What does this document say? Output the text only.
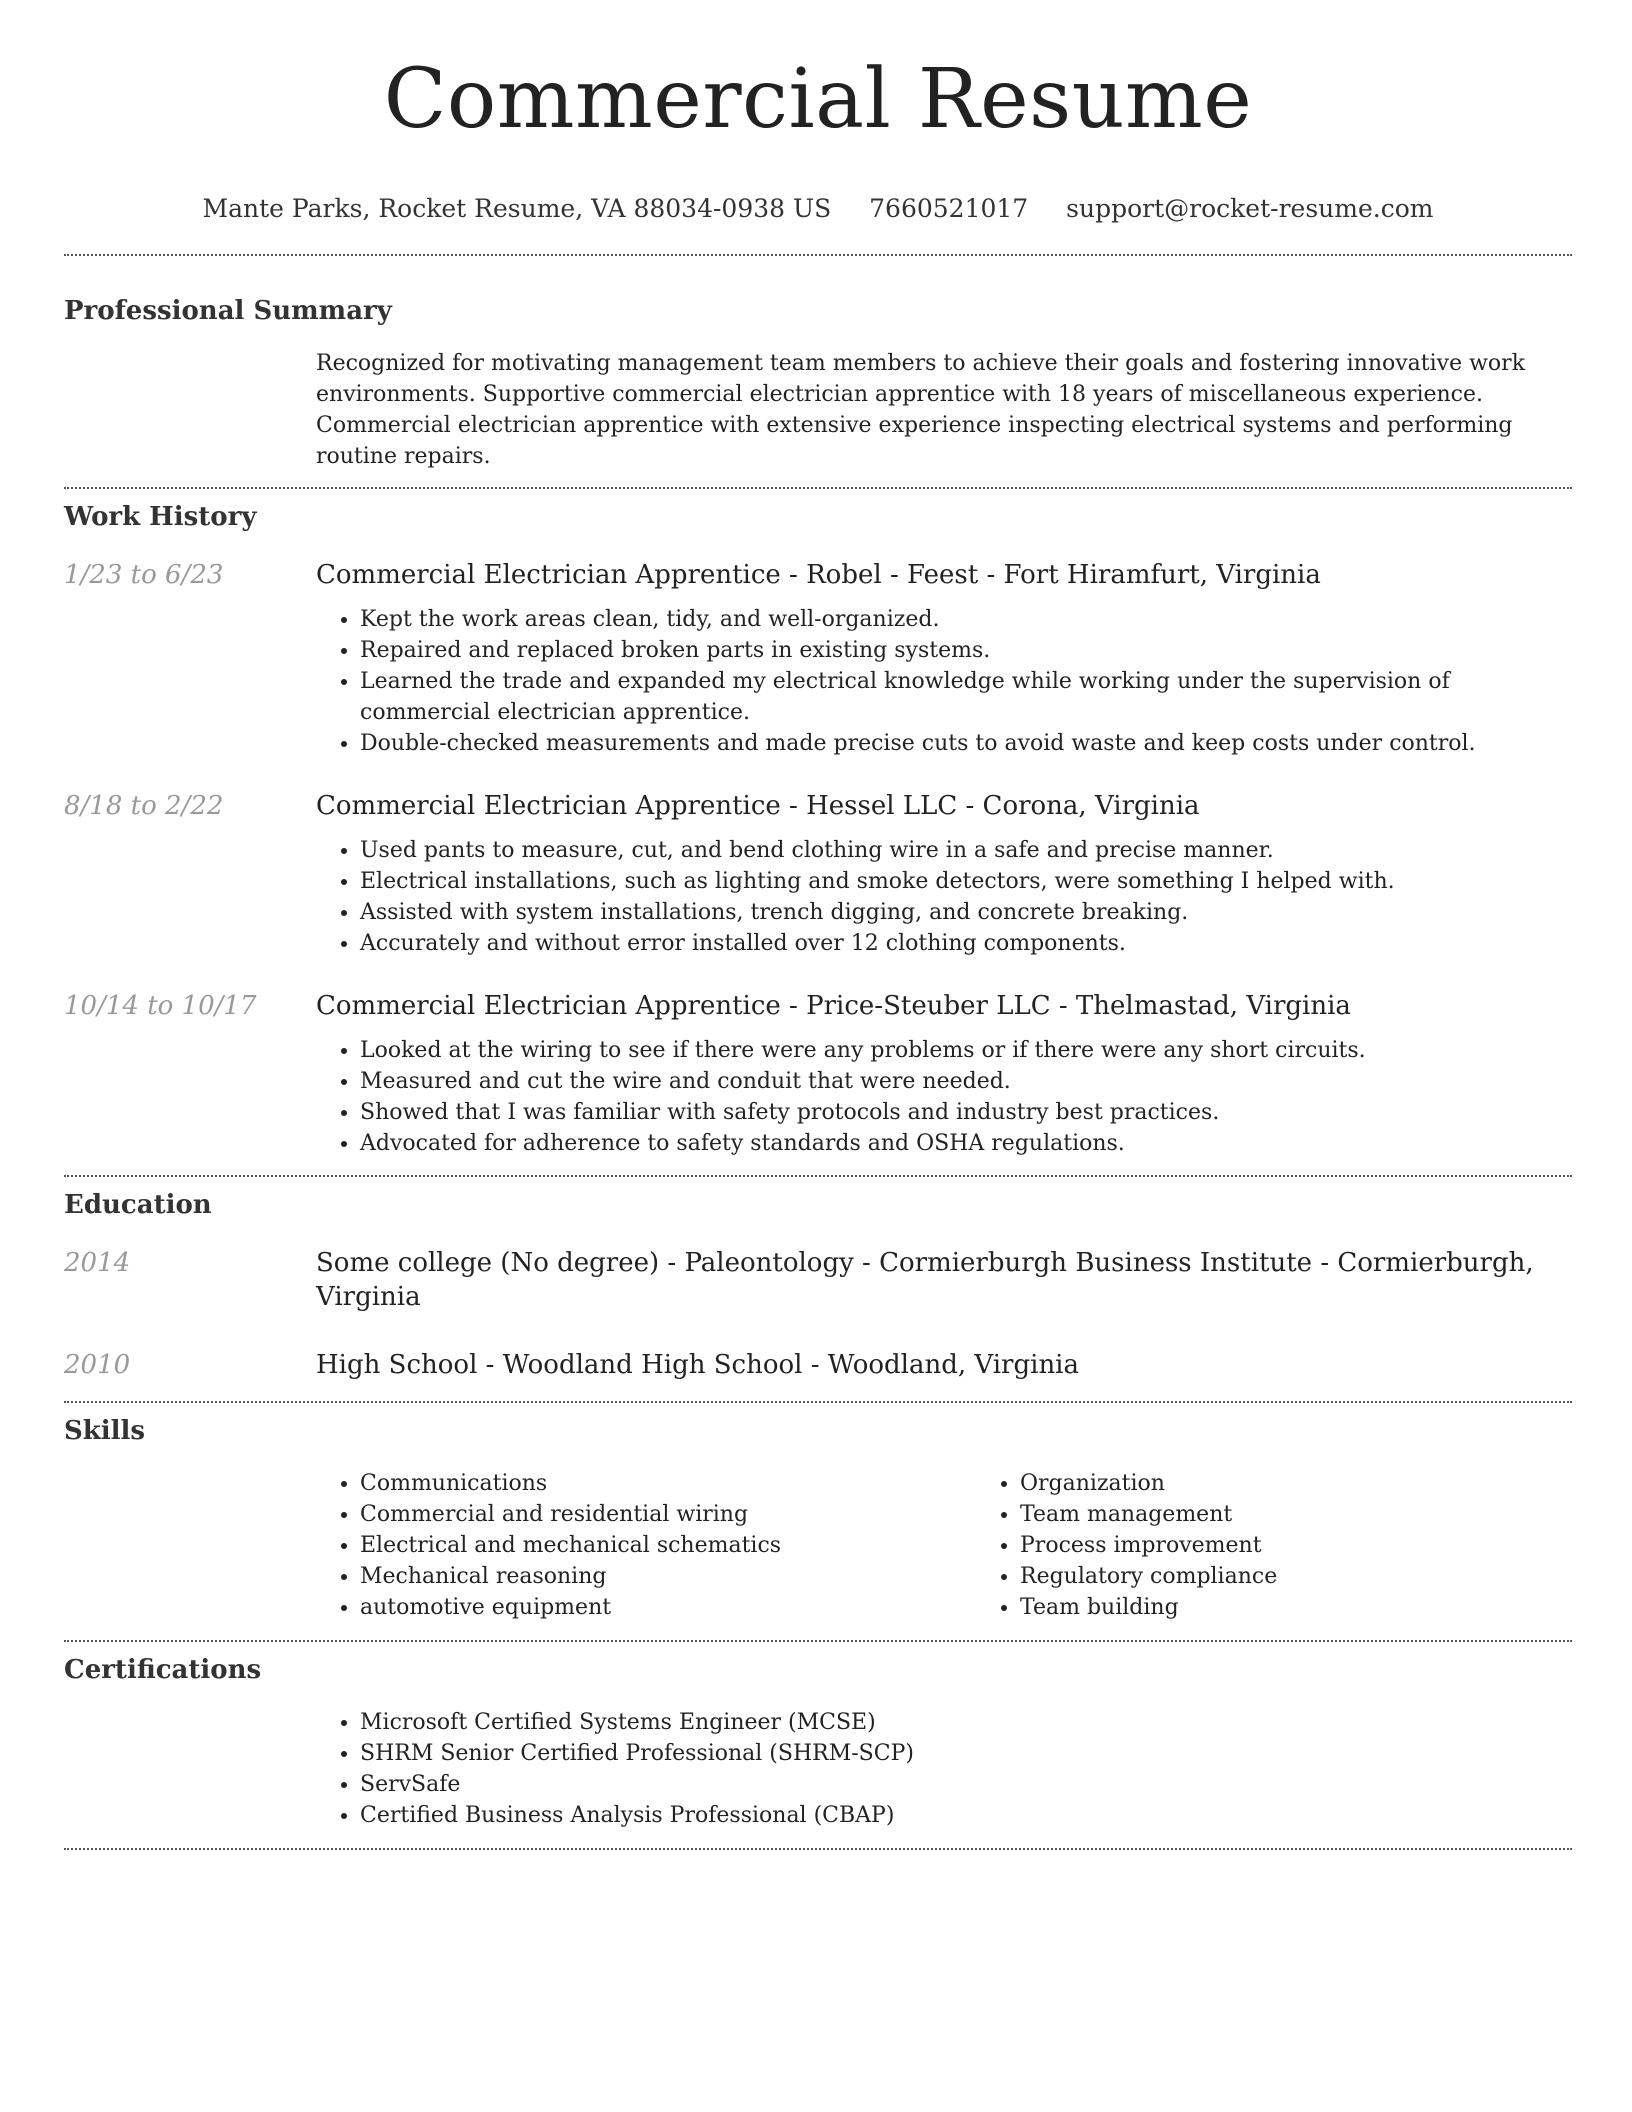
Commercial Resume
Mante Parks, Rocket Resume, VA 88034-0938 US 7660521017 support@rocket-resume.com
Professional Summary

Recognized for motivating management team members to achieve their goals and fostering innovative work environments. Supportive commercial electrician apprentice with 18 years of miscellaneous experience. Commercial electrician apprentice with extensive experience inspecting electrical systems and performing routine repairs.

Work History
1/23 to 6/23	Commercial Electrician Apprentice - Robel - Feest - Fort Hiramfurt, Virginia
• Kept the work areas clean, tidy, and well-organized.
• Repaired and replaced broken parts in existing systems.
• Learned the trade and expanded my electrical knowledge while working under the supervision of commercial electrician apprentice.
• Double-checked measurements and made precise cuts to avoid waste and keep costs under control.
8/18 to 2/22	Commercial Electrician Apprentice - Hessel LLC - Corona, Virginia
• Used pants to measure, cut, and bend clothing wire in a safe and precise manner.
• Electrical installations, such as lighting and smoke detectors, were something I helped with.
• Assisted with system installations, trench digging, and concrete breaking.
• Accurately and without error installed over 12 clothing components.
10/14 to 10/17	Commercial Electrician Apprentice - Price-Steuber LLC - Thelmastad, Virginia
• Looked at the wiring to see if there were any problems or if there were any short circuits.
• Measured and cut the wire and conduit that were needed.
• Showed that I was familiar with safety protocols and industry best practices.
• Advocated for adherence to safety standards and OSHA regulations.
Education
2014	Some college (No degree) - Paleontology - Cormierburgh Business Institute - Cormierburgh, Virginia
2010	High School - Woodland High School - Woodland, Virginia
Skills
• Communications
• Commercial and residential wiring
• Electrical and mechanical schematics
• Mechanical reasoning
• automotive equipment
• Organization
• Team management
• Process improvement
• Regulatory compliance
• Team building
Certifications
• Microsoft Certified Systems Engineer (MCSE)
• SHRM Senior Certified Professional (SHRM-SCP)
• ServSafe
• Certified Business Analysis Professional (CBAP)
